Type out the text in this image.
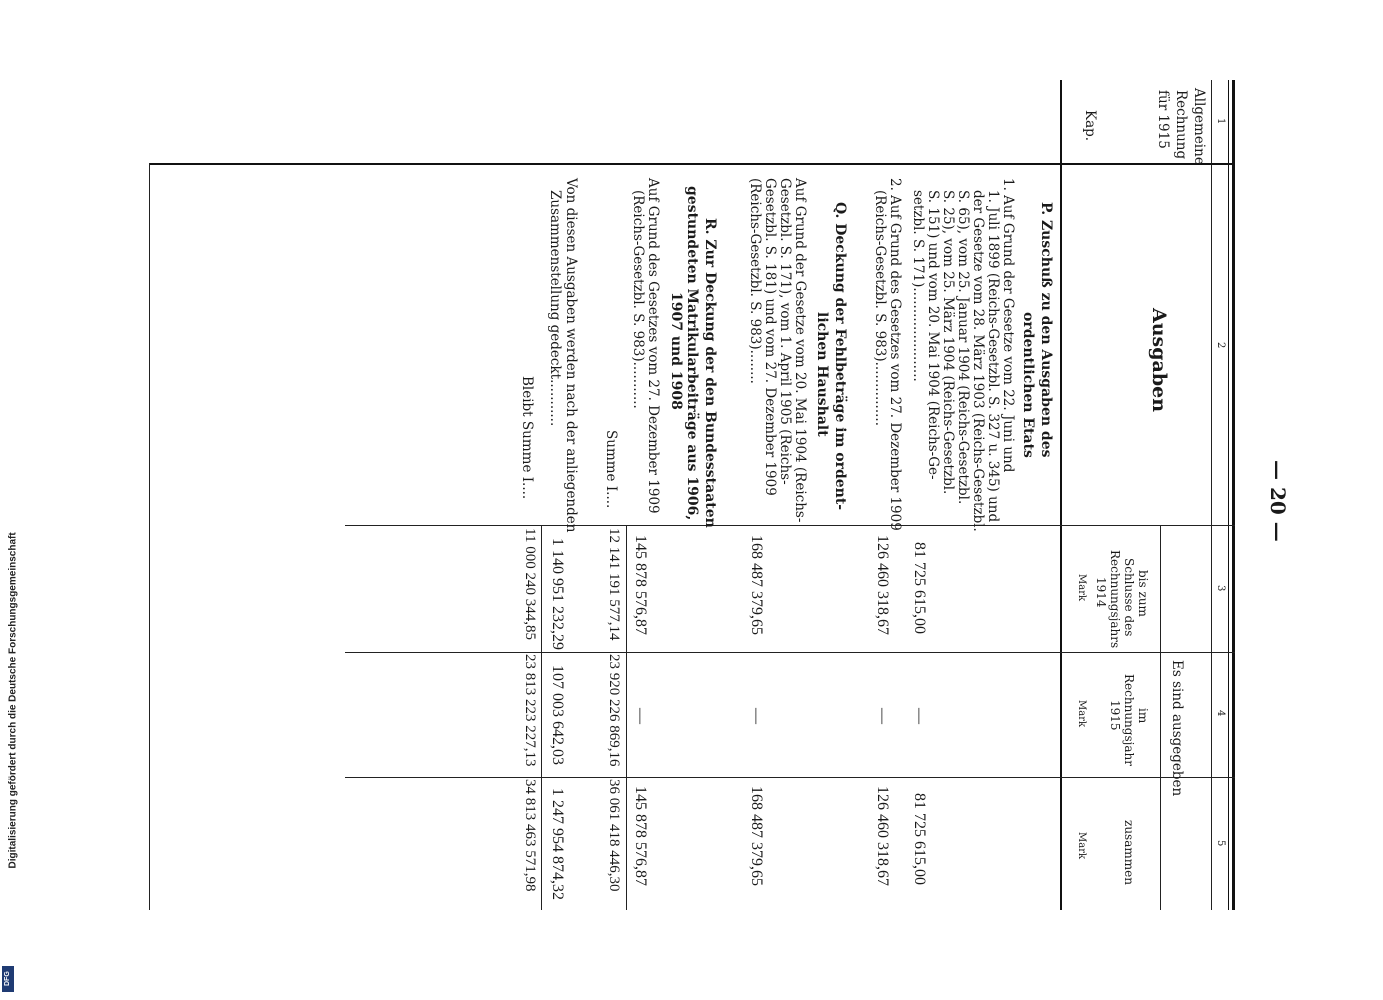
Digitalisierung gefördert durch die Deutsche Forschungsgemeinschaft
DFG
— 20 —
1
2
3
4
5
Allgemeine
Rechnung
für 1915
Kap.
Ausgaben
Es sind ausgegeben
bis zum
Schlusse des
Rechnungsjahrs
1914
Mark
im
Rechnungsjahr
1915
Mark
zusammen
Mark
P. Zuschuß zu den Ausgaben des
ordentlichen Etats
1. Auf Grund der Gesetze vom 22. Juni und
1. Juli 1899 (Reichs-Gesetzbl. S. 327 u. 345) und
der Gesetze vom 28. März 1903 (Reichs-Gesetzbl.
S. 65), vom 25. Januar 1904 (Reichs-Gesetzbl.
S. 25), vom 25. März 1904 (Reichs-Gesetzbl.
S. 151) und vom 20. Mai 1904 (Reichs-Ge-
setzbl. S. 171)......................
81 725 615,00
—
81 725 615,00
2. Auf Grund des Gesetzes vom 27. Dezember 1909
(Reichs-Gesetzbl. S. 983)...............
126 460 318,67
—
126 460 318,67
Q. Deckung der Fehlbeträge im ordent-
lichen Haushalt
Auf Grund der Gesetze vom 20. Mai 1904 (Reichs-
Gesetzbl. S. 171), vom 1. April 1905 (Reichs-
Gesetzbl. S. 181) und vom 27. Dezember 1909
(Reichs-Gesetzbl. S. 983)........
168 487 379,65
—
168 487 379,65
R. Zur Deckung der den Bundesstaaten
gestundeten Matrikularbeiträge aus 1906,
1907 und 1908
Auf Grund des Gesetzes vom 27. Dezember 1909
(Reichs-Gesetzbl. S. 983)...........
145 878 576,87
—
145 878 576,87
Summe I....
12 141 191 577,14
23 920 226 869,16
36 061 418 446,30
Von diesen Ausgaben werden nach der anliegenden
Zusammenstellung gedeckt...........
1 140 951 232,29
107 003 642,03
1 247 954 874,32
Bleibt Summe I....
11 000 240 344,85
23 813 223 227,13
34 813 463 571,98
